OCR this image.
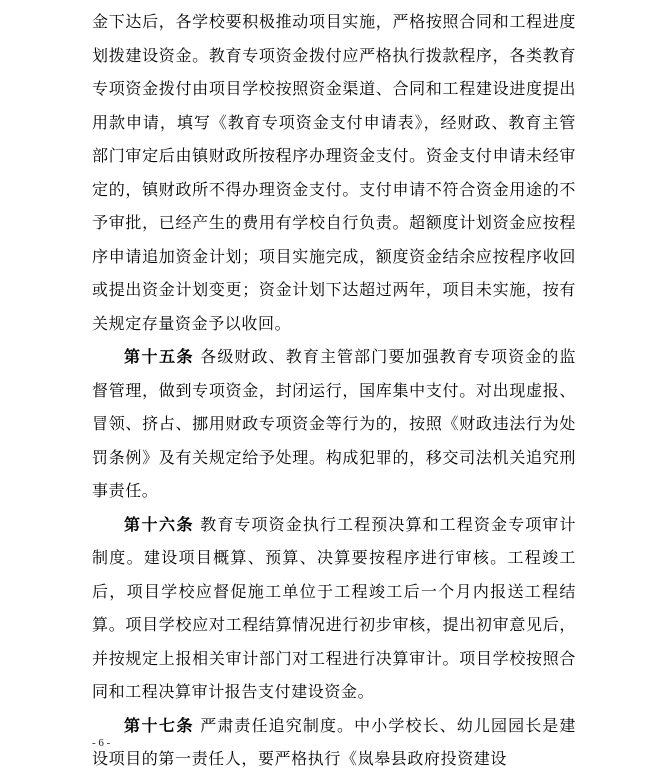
金下达后，各学校要积极推动项目实施，严格按照合同和工程进度划拨建设资金。教育专项资金拨付应严格执行拨款程序，各类教育专项资金拨付由项目学校按照资金渠道、合同和工程建设进度提出用款申请，填写《教育专项资金支付申请表》，经财政、教育主管部门审定后由镇财政所按程序办理资金支付。资金支付申请未经审定的，镇财政所不得办理资金支付。支付申请不符合资金用途的不予审批，已经产生的费用有学校自行负责。超额度计划资金应按程序申请追加资金计划；项目实施完成，额度资金结余应按程序收回或提出资金计划变更；资金计划下达超过两年，项目未实施，按有关规定存量资金予以收回。

第十五条 各级财政、教育主管部门要加强教育专项资金的监督管理，做到专项资金，封闭运行，国库集中支付。对出现虚报、冒领、挤占、挪用财政专项资金等行为的，按照《财政违法行为处罚条例》及有关规定给予处理。构成犯罪的，移交司法机关追究刑事责任。

第十六条 教育专项资金执行工程预决算和工程资金专项审计制度。建设项目概算、预算、决算要按程序进行审核。工程竣工后，项目学校应督促施工单位于工程竣工后一个月内报送工程结算。项目学校应对工程结算情况进行初步审核，提出初审意见后，并按规定上报相关审计部门对工程进行决算审计。项目学校按照合同和工程决算审计报告支付建设资金。

第十七条 严肃责任追究制度。中小学校长、幼儿园园长是建设项目的第一责任人，要严格执行《岚皋县政府投资建设

- 6 -
